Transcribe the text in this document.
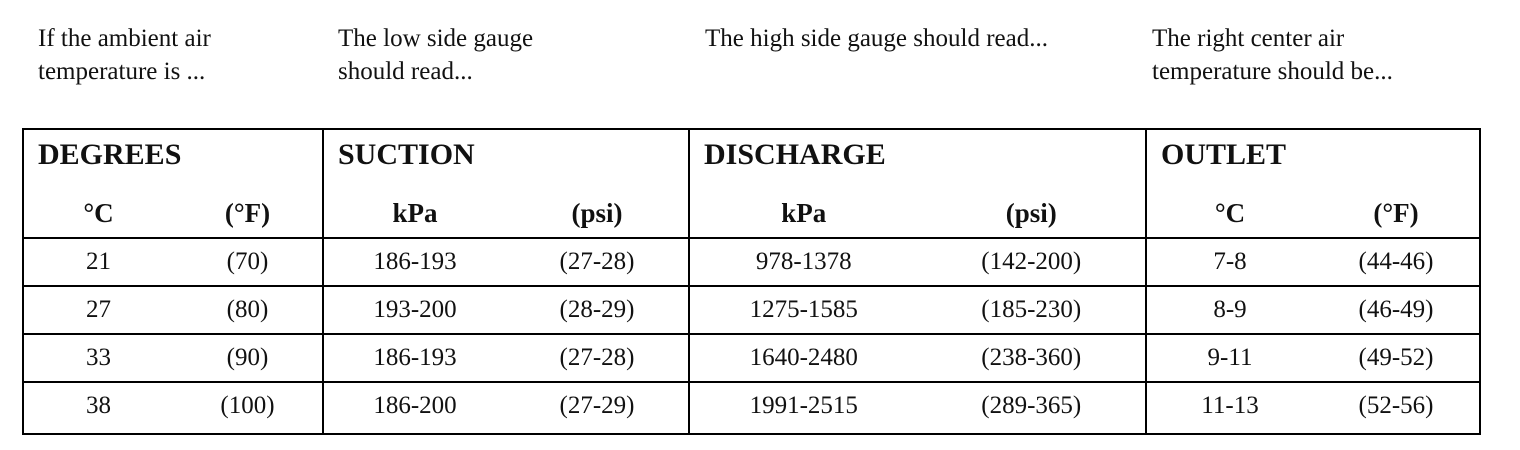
If the ambient air
temperature is ...
The low side gauge
should read...
The high side gauge should read...	The right center air
temperature should be...
DEGREES
°C	(°F)
SUCTION
kPa	(psi)
DISCHARGE
kPa	(psi)
OUTLET
°C	(°F)
21	(70)	186-193	(27-28)	978-1378	(142-200)	7-8	(44-46)
27	(80)	193-200	(28-29)	1275-1585	(185-230)	8-9	(46-49)
33	(90)	186-193	(27-28)	1640-2480	(238-360)	9-11	(49-52)
38	(100)	186-200	(27-29)	1991-2515	(289-365)	11-13	(52-56)
